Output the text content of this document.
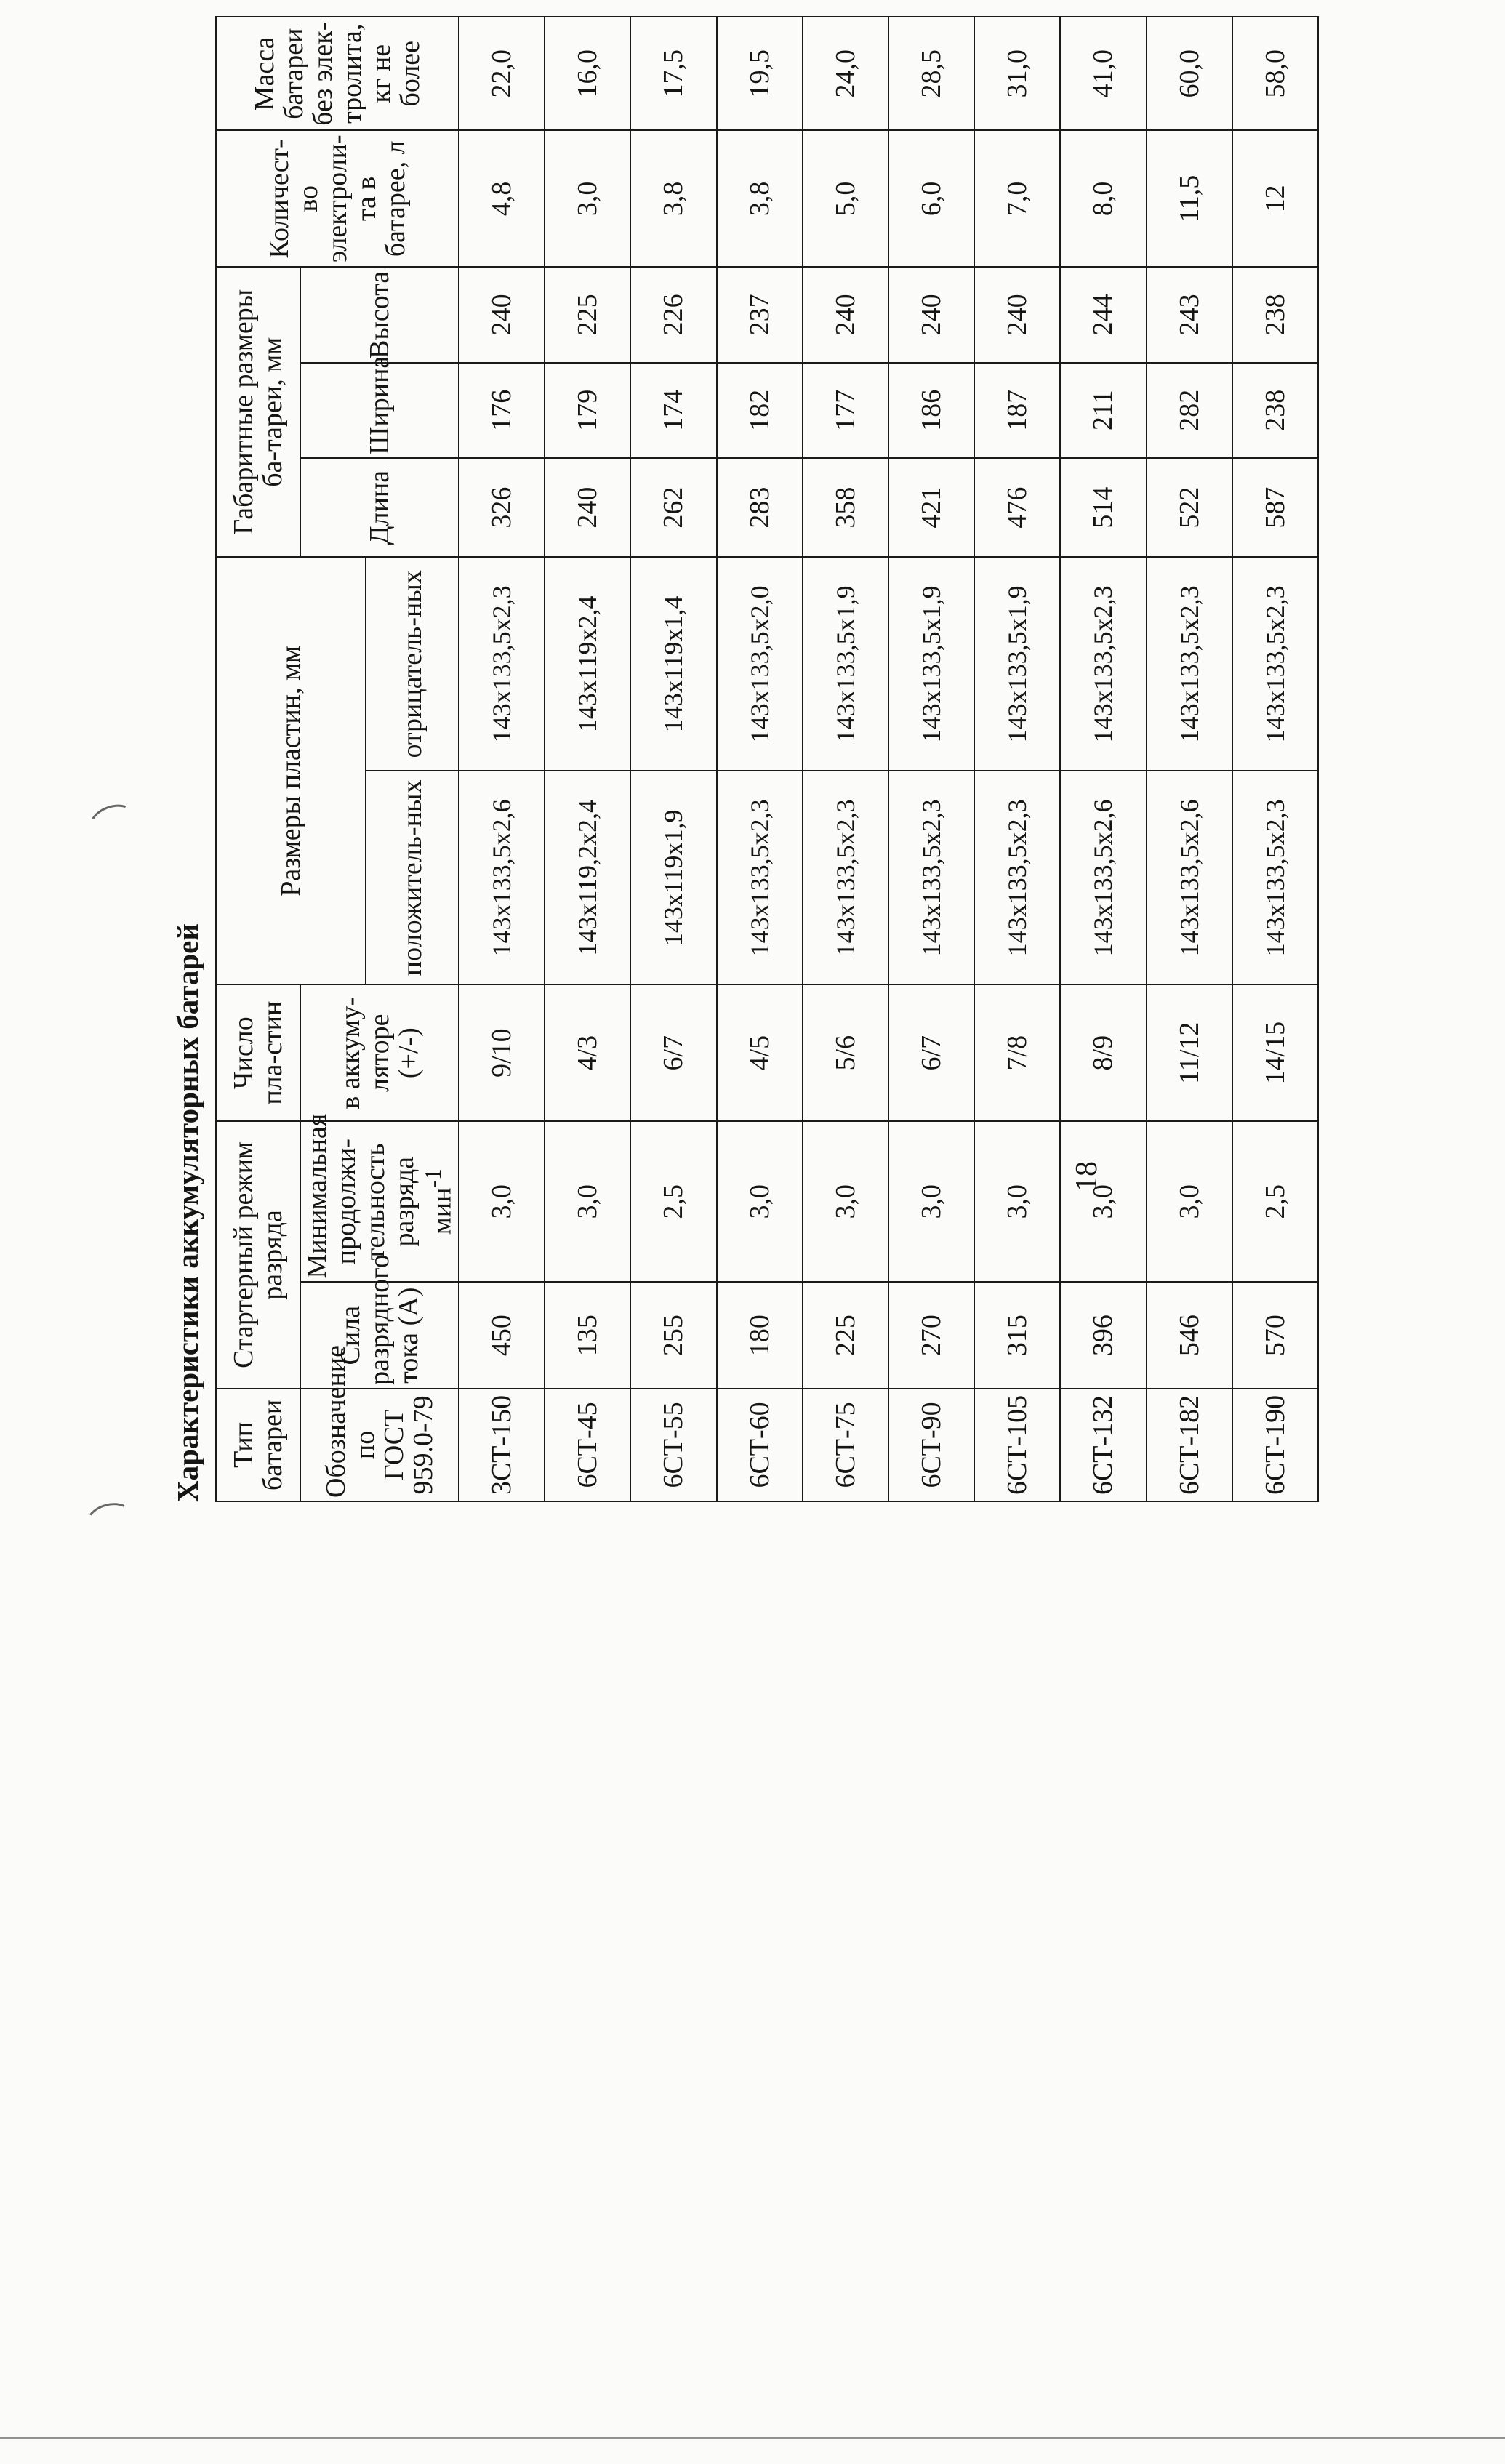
18
Характеристики аккумуляторных батарей Тип батареи	Стартерный режим разряда		Число пла-стин	Размеры пластин, мм		Габаритные размеры ба-тареи, мм			Количест-во электроли-та в батарее, л	Масса батареи без элек-тролита, кг не более
Обозначение по ГОСТ 959.0-79	Сила разрядного тока (А)	Минимальная продолжи-тельность разряда мин$^{-1}$	в аккуму-ляторе (+/-)			Длина	Ширина	Высота		
				положитель-ных	отрицатель-ных					
3СТ-150	450	3,0	9/10	143x133,5x2,6	143x133,5x2,3	326	176	240	4,8	22,0
6СТ-45	135	3,0	4/3	143x119,2x2,4	143x119x2,4	240	179	225	3,0	16,0
6СТ-55	255	2,5	6/7	143x119x1,9	143x119x1,4	262	174	226	3,8	17,5
6СТ-60	180	3,0	4/5	143x133,5x2,3	143x133,5x2,0	283	182	237	3,8	19,5
6СТ-75	225	3,0	5/6	143x133,5x2,3	143x133,5x1,9	358	177	240	5,0	24,0
6СТ-90	270	3,0	6/7	143x133,5x2,3	143x133,5x1,9	421	186	240	6,0	28,5
6СТ-105	315	3,0	7/8	143x133,5x2,3	143x133,5x1,9	476	187	240	7,0	31,0
6СТ-132	396	3,0	8/9	143x133,5x2,6	143x133,5x2,3	514	211	244	8,0	41,0
6СТ-182	546	3,0	11/12	143x133,5x2,6	143x133,5x2,3	522	282	243	11,5	60,0
6СТ-190	570	2,5	14/15	143x133,5x2,3	143x133,5x2,3	587	238	238	12	58,0
